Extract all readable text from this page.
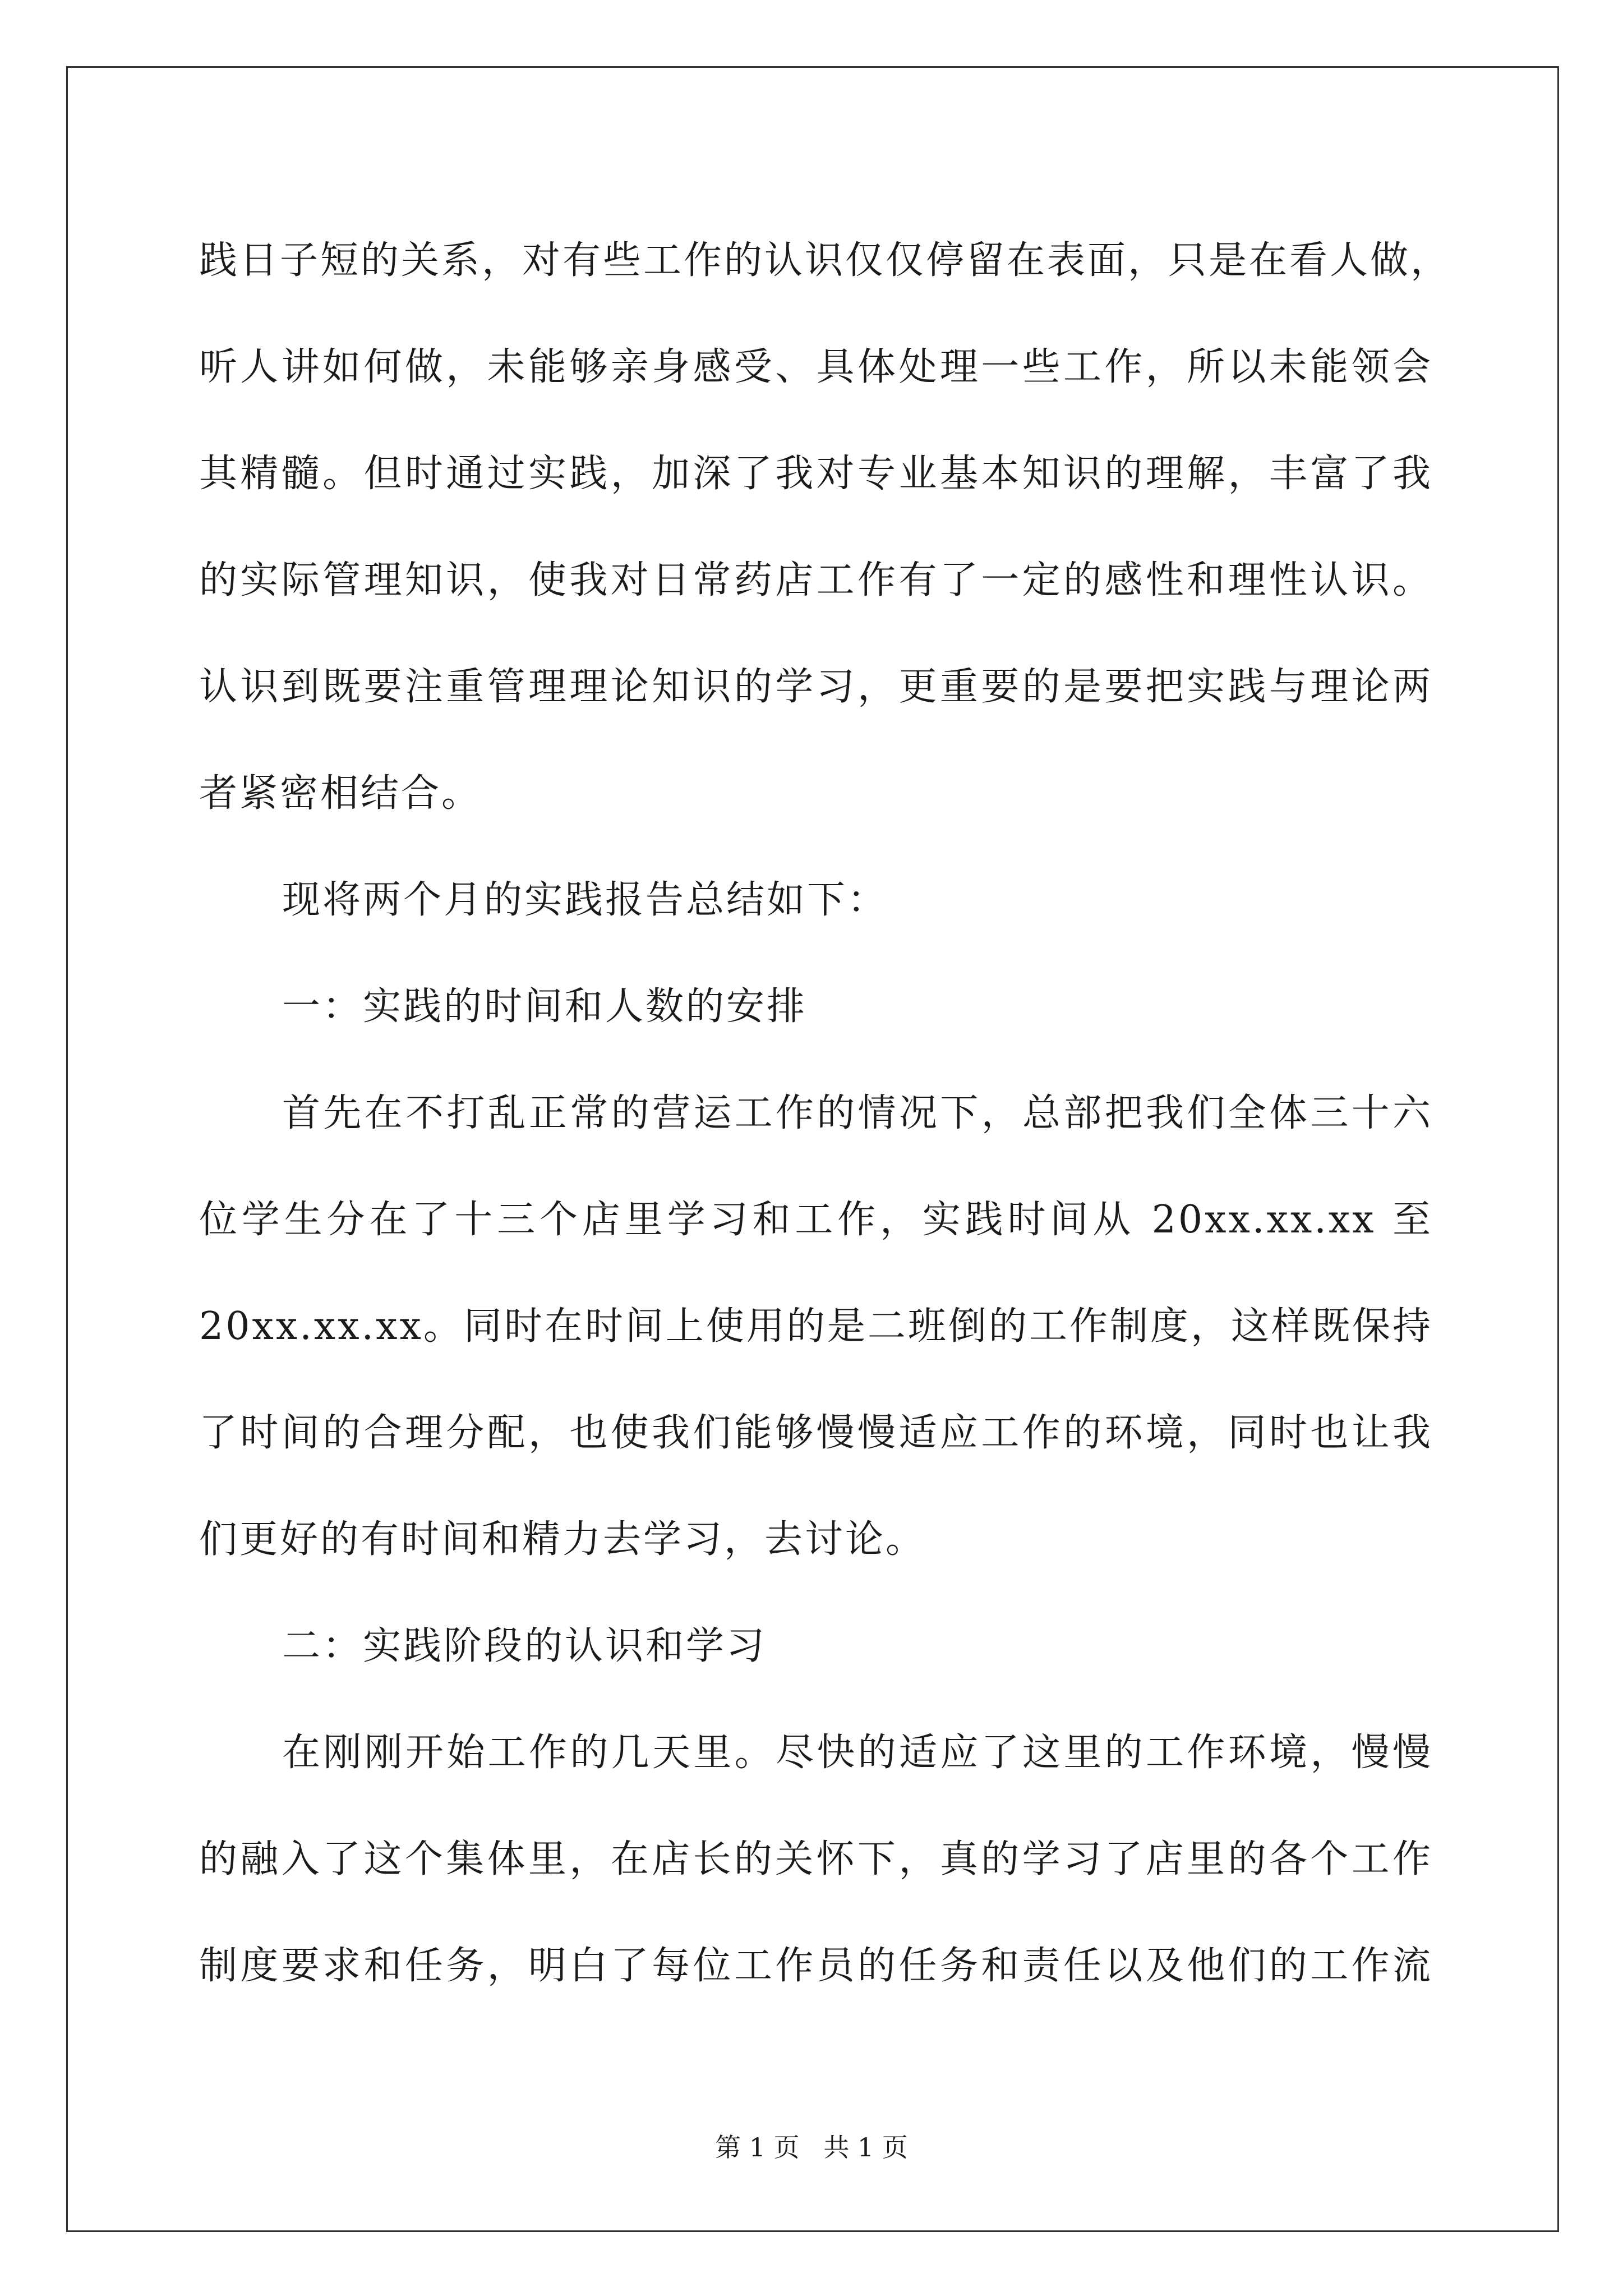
践日子短的关系，对有些工作的认识仅仅停留在表面，只是在看人做，
听人讲如何做，未能够亲身感受、具体处理一些工作，所以未能领会
其精髓。但时通过实践，加深了我对专业基本知识的理解，丰富了我
的实际管理知识，使我对日常药店工作有了一定的感性和理性认识。
认识到既要注重管理理论知识的学习，更重要的是要把实践与理论两
者紧密相结合。
现将两个月的实践报告总结如下：
一：实践的时间和人数的安排
首先在不打乱正常的营运工作的情况下，总部把我们全体三十六
位学生分在了十三个店里学习和工作，实践时间从 20xx.xx.xx 至
20xx.xx.xx。同时在时间上使用的是二班倒的工作制度，这样既保持
了时间的合理分配，也使我们能够慢慢适应工作的环境，同时也让我
们更好的有时间和精力去学习，去讨论。
二：实践阶段的认识和学习
在刚刚开始工作的几天里。尽快的适应了这里的工作环境，慢慢
的融入了这个集体里，在店长的关怀下，真的学习了店里的各个工作
制度要求和任务，明白了每位工作员的任务和责任以及他们的工作流
第 1 页 共 1 页
